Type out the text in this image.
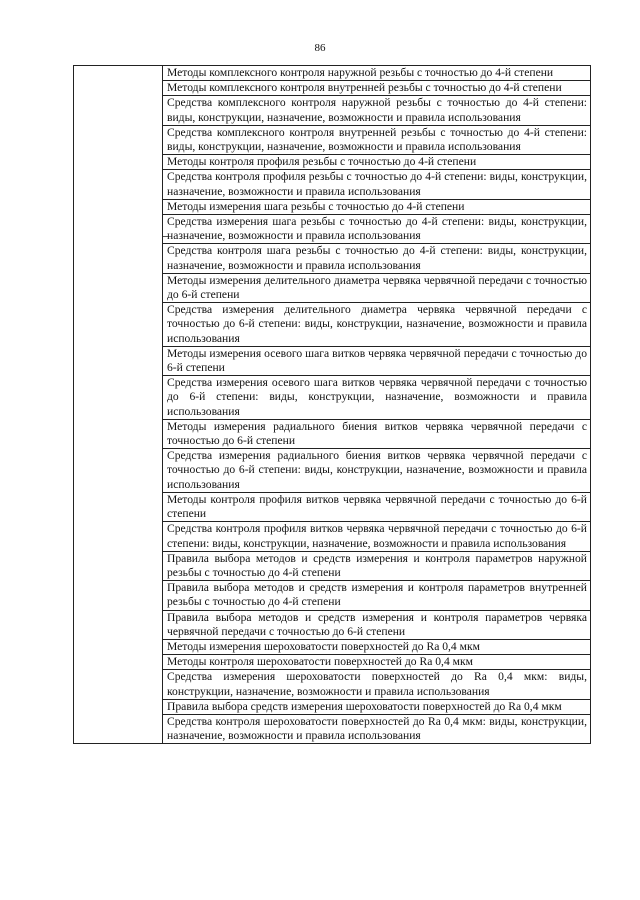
86
	Методы комплексного контроля наружной резьбы с точностью до 4-й степени
Методы комплексного контроля внутренней резьбы с точностью до 4-й степени
Средства комплексного контроля наружной резьбы с точностью до 4-й степени: виды, конструкции, назначение, возможности и правила использования
Средства комплексного контроля внутренней резьбы с точностью до 4-й степени: виды, конструкции, назначение, возможности и правила использования
Методы контроля профиля резьбы с точностью до 4-й степени
Средства контроля профиля резьбы с точностью до 4-й степени: виды, конструкции, назначение, возможности и правила использования
Методы измерения шага резьбы с точностью до 4-й степени
Средства измерения шага резьбы с точностью до 4-й степени: виды, конструкции, назначение, возможности и правила использования
Средства контроля шага резьбы с точностью до 4-й степени: виды, конструкции, назначение, возможности и правила использования
Методы измерения делительного диаметра червяка червячной передачи с точностью до 6-й степени
Средства измерения делительного диаметра червяка червячной передачи с точностью до 6-й степени: виды, конструкции, назначение, возможности и правила использования
Методы измерения осевого шага витков червяка червячной передачи с точностью до 6-й степени
Средства измерения осевого шага витков червяка червячной передачи с точностью до 6-й степени: виды, конструкции, назначение, возможности и правила использования
Методы измерения радиального биения витков червяка червячной передачи с точностью до 6-й степени
Средства измерения радиального биения витков червяка червячной передачи с точностью до 6-й степени: виды, конструкции, назначение, возможности и правила использования
Методы контроля профиля витков червяка червячной передачи с точностью до 6-й степени
Средства контроля профиля витков червяка червячной передачи с точностью до 6-й степени: виды, конструкции, назначение, возможности и правила использования
Правила выбора методов и средств измерения и контроля параметров наружной резьбы с точностью до 4-й степени
Правила выбора методов и средств измерения и контроля параметров внутренней резьбы с точностью до 4-й степени
Правила выбора методов и средств измерения и контроля параметров червяка червячной передачи с точностью до 6-й степени
Методы измерения шероховатости поверхностей до Ra 0,4 мкм
Методы контроля шероховатости поверхностей до Ra 0,4 мкм
Средства измерения шероховатости поверхностей до Ra 0,4 мкм: виды, конструкции, назначение, возможности и правила использования
Правила выбора средств измерения шероховатости поверхностей до Ra 0,4 мкм
Средства контроля шероховатости поверхностей до Ra 0,4 мкм: виды, конструкции, назначение, возможности и правила использования
